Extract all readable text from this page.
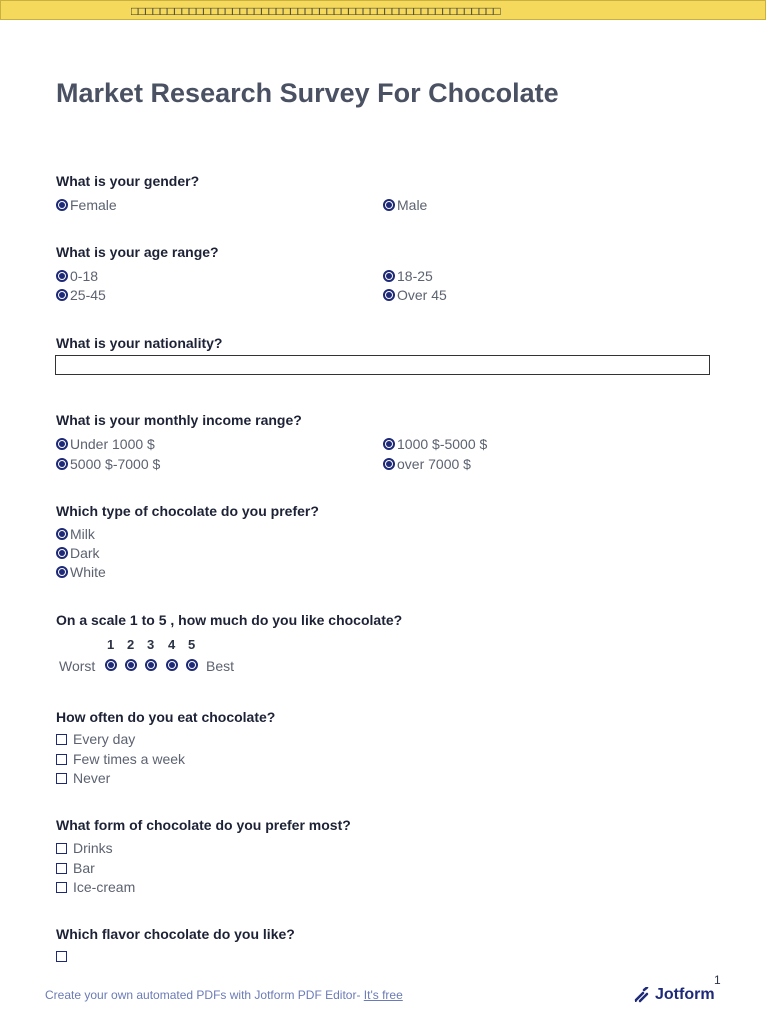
□□□□□□□□□□□□□□□□□□□□□□□□□□□□□□□□□□□□□□□□□□□□□□□□□□□
Market Research Survey For Chocolate
What is your gender?
Female	Male
What is your age range?
0-18	18-25
25-45	Over 45
What is your nationality?
What is your monthly income range?
Under 1000 $	1000 $-5000 $
5000 $-7000 $	over 7000 $
Which type of chocolate do you prefer?
Milk
Dark
White
On a scale 1 to 5 , how much do you like chocolate?
1 2 3 4 5
Worst	Best
How often do you eat chocolate?
Every day
Few times a week
Never
What form of chocolate do you prefer most?
Drinks
Bar
Ice-cream
Which flavor chocolate do you like?
1
Create your own automated PDFs with Jotform PDF Editor- It's free	Jotform
